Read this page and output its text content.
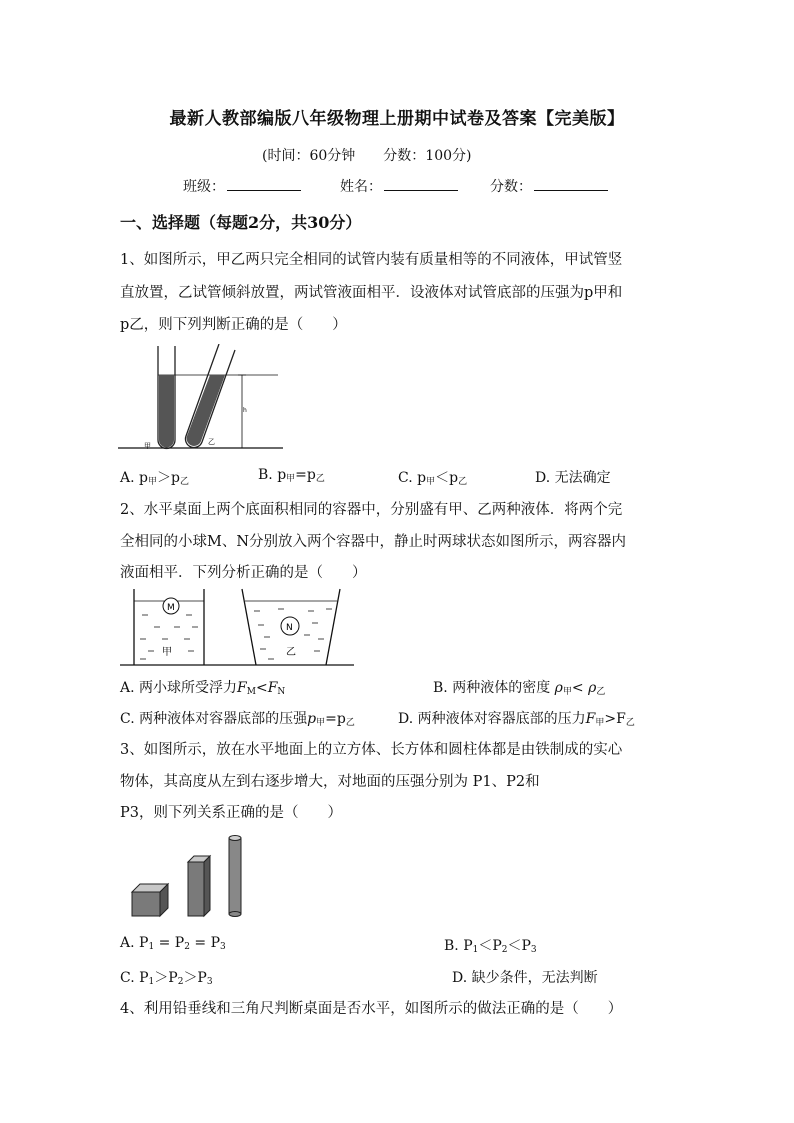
最新人教部编版八年级物理上册期中试卷及答案【完美版】
(时间：60分钟 分数：100分)
班级：	姓名：	分数：
一、选择题（每题2分，共30分）
1、如图所示，甲乙两只完全相同的试管内装有质量相等的不同液体，甲试管竖
直放置，乙试管倾斜放置，两试管液面相平．设液体对试管底部的压强为p甲和
p乙，则下列判断正确的是（　　）
甲	乙
h
A. p甲＞p乙	B. p甲=p乙	C. p甲＜p乙	D. 无法确定
2、水平桌面上两个底面积相同的容器中，分别盛有甲、乙两种液体．将两个完
全相同的小球M、N分别放入两个容器中，静止时两球状态如图所示，两容器内
液面相平．下列分析正确的是（　　）
M
甲
N
乙
A. 两小球所受浮力FM<FN	B. 两种液体的密度 ρ甲< ρ乙
C. 两种液体对容器底部的压强p甲=p乙	D. 两种液体对容器底部的压力F甲>F乙
3、如图所示，放在水平地面上的立方体、长方体和圆柱体都是由铁制成的实心
物体，其高度从左到右逐步增大，对地面的压强分别为 P1、P2和
P3，则下列关系正确的是（　　）
A. P1 = P2 = P3	B. P1＜P2＜P3
C. P1＞P2＞P3	D. 缺少条件，无法判断
4、利用铅垂线和三角尺判断桌面是否水平，如图所示的做法正确的是（　　）
